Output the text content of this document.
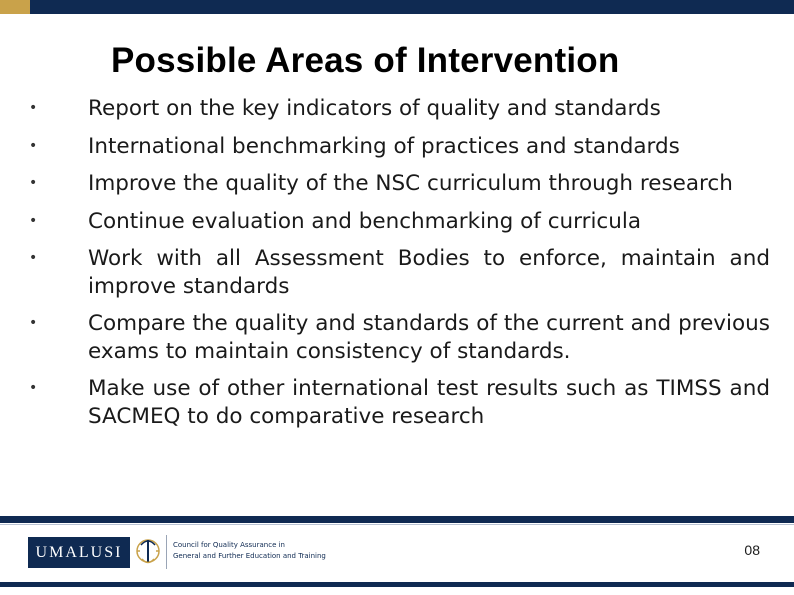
Possible Areas of Intervention
• Report on the key indicators of quality and standards
• International benchmarking of practices and standards
• Improve the quality of the NSC curriculum through research
• Continue evaluation and benchmarking of curricula
• Work with all Assessment Bodies to enforce, maintain and improve standards
• Compare the quality and standards of the current and previous exams to maintain consistency of standards.
• Make use of other international test results such as TIMSS and SACMEQ to do comparative research
UMALUSI	Council for Quality Assurance in
General and Further Education and Training	08
